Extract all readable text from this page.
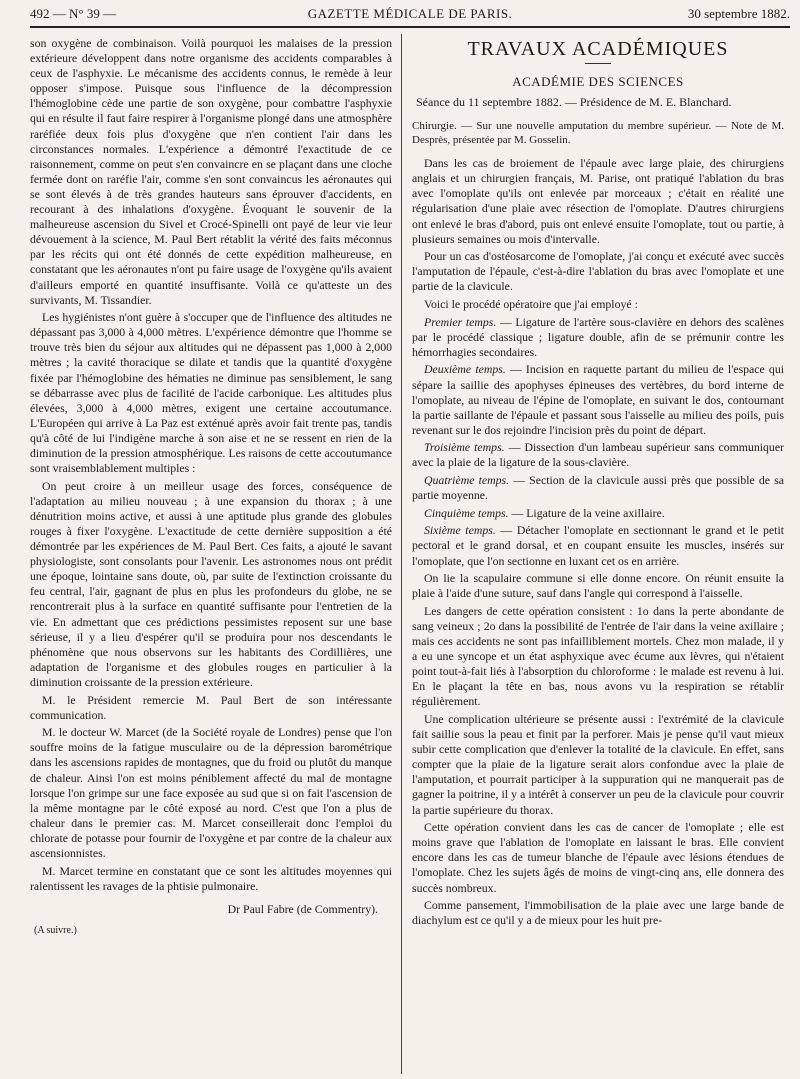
492 — N° 39 —	GAZETTE MÉDICALE DE PARIS.	30 septembre 1882.

son oxygène de combinaison. Voilà pourquoi les malaises de la pression extérieure développent dans notre organisme des accidents comparables à ceux de l'asphyxie. Le mécanisme des accidents connus, le remède à leur opposer s'impose. Puisque sous l'influence de la décompression l'hémoglobine cède une partie de son oxygène, pour combattre l'asphyxie qui en résulte il faut faire respirer à l'organisme plongé dans une atmosphère raréfiée deux fois plus d'oxygène que n'en contient l'air dans les circonstances normales. L'expérience a démontré l'exactitude de ce raisonnement, comme on peut s'en convaincre en se plaçant dans une cloche fermée dont on raréfie l'air, comme s'en sont convaincus les aéronautes qui se sont élevés à de très grandes hauteurs sans éprouver d'accidents, en recourant à des inhalations d'oxygène. Évoquant le souvenir de la malheureuse ascension du Sivel et Crocé-Spinelli ont payé de leur vie leur dévouement à la science, M. Paul Bert rétablit la vérité des faits méconnus par les récits qui ont été donnés de cette expédition malheureuse, en constatant que les aéronautes n'ont pu faire usage de l'oxygène qu'ils avaient d'ailleurs emporté en quantité insuffisante. Voilà ce qu'atteste un des survivants, M. Tissandier.

Les hygiénistes n'ont guère à s'occuper que de l'influence des altitudes ne dépassant pas 3,000 à 4,000 mètres. L'expérience démontre que l'homme se trouve très bien du séjour aux altitudes qui ne dépassent pas 1,000 à 2,000 mètres ; la cavité thoracique se dilate et tandis que la quantité d'oxygène fixée par l'hémoglobine des hématies ne diminue pas sensiblement, le sang se débarrasse avec plus de facilité de l'acide carbonique. Les altitudes plus élevées, 3,000 à 4,000 mètres, exigent une certaine accoutumance. L'Européen qui arrive à La Paz est exténué après avoir fait trente pas, tandis qu'à côté de lui l'indigène marche à son aise et ne se ressent en rien de la diminution de la pression atmosphérique. Les raisons de cette accoutumance sont vraisemblablement multiples :

On peut croire à un meilleur usage des forces, conséquence de l'adaptation au milieu nouveau ; à une expansion du thorax ; à une dénutrition moins active, et aussi à une aptitude plus grande des globules rouges à fixer l'oxygène. L'exactitude de cette dernière supposition a été démontrée par les expériences de M. Paul Bert. Ces faits, a ajouté le savant physiologiste, sont consolants pour l'avenir. Les astronomes nous ont prédit une époque, lointaine sans doute, où, par suite de l'extinction croissante du feu central, l'air, gagnant de plus en plus les profondeurs du globe, ne se rencontrerait plus à la surface en quantité suffisante pour l'entretien de la vie. En admettant que ces prédictions pessimistes reposent sur une base sérieuse, il y a lieu d'espérer qu'il se produira pour nos descendants le phénomène que nous observons sur les habitants des Cordillières, une adaptation de l'organisme et des globules rouges en particulier à la diminution croissante de la pression extérieure.

M. le Président remercie M. Paul Bert de son intéressante communication.

M. le docteur W. Marcet (de la Société royale de Londres) pense que l'on souffre moins de la fatigue musculaire ou de la dépression barométrique dans les ascensions rapides de montagnes, que du froid ou plutôt du manque de chaleur. Ainsi l'on est moins péniblement affecté du mal de montagne lorsque l'on grimpe sur une face exposée au sud que si on fait l'ascension de la même montagne par le côté exposé au nord. C'est que l'on a plus de chaleur dans le premier cas. M. Marcet conseillerait donc l'emploi du chlorate de potasse pour fournir de l'oxygène et par contre de la chaleur aux ascensionnistes.

M. Marcet termine en constatant que ce sont les altitudes moyennes qui ralentissent les ravages de la phtisie pulmonaire.

Dr Paul Fabre (de Commentry).

(A suivre.)

TRAVAUX ACADÉMIQUES
ACADÉMIE DES SCIENCES

Séance du 11 septembre 1882. — Présidence de M. E. Blanchard.

Chirurgie. — Sur une nouvelle amputation du membre supérieur. — Note de M. Desprès, présentée par M. Gosselin.

Dans les cas de broiement de l'épaule avec large plaie, des chirurgiens anglais et un chirurgien français, M. Parise, ont pratiqué l'ablation du bras avec l'omoplate qu'ils ont enlevée par morceaux ; c'était en réalité une régularisation d'une plaie avec résection de l'omoplate. D'autres chirurgiens ont enlevé le bras d'abord, puis ont enlevé ensuite l'omoplate, tout ou partie, à plusieurs semaines ou mois d'intervalle.

Pour un cas d'ostéosarcome de l'omoplate, j'ai conçu et exécuté avec succès l'amputation de l'épaule, c'est-à-dire l'ablation du bras avec l'omoplate et une partie de la clavicule.

Voici le procédé opératoire que j'ai employé :

Premier temps. — Ligature de l'artère sous-clavière en dehors des scalènes par le procédé classique ; ligature double, afin de se prémunir contre les hémorrhagies secondaires.

Deuxième temps. — Incision en raquette partant du milieu de l'espace qui sépare la saillie des apophyses épineuses des vertèbres, du bord interne de l'omoplate, au niveau de l'épine de l'omoplate, en suivant le dos, contournant la partie saillante de l'épaule et passant sous l'aisselle au milieu des poils, puis revenant sur le dos rejoindre l'incision près du point de départ.

Troisième temps. — Dissection d'un lambeau supérieur sans communiquer avec la plaie de la ligature de la sous-clavière.

Quatrième temps. — Section de la clavicule aussi près que possible de sa partie moyenne.

Cinquième temps. — Ligature de la veine axillaire.

Sixième temps. — Détacher l'omoplate en sectionnant le grand et le petit pectoral et le grand dorsal, et en coupant ensuite les muscles, insérés sur l'omoplate, que l'on sectionne en luxant cet os en arrière.

On lie la scapulaire commune si elle donne encore. On réunit ensuite la plaie à l'aide d'une suture, sauf dans l'angle qui correspond à l'aisselle.

Les dangers de cette opération consistent : 1o dans la perte abondante de sang veineux ; 2o dans la possibilité de l'entrée de l'air dans la veine axillaire ; mais ces accidents ne sont pas infailliblement mortels. Chez mon malade, il y a eu une syncope et un état asphyxique avec écume aux lèvres, qui n'étaient point tout-à-fait liés à l'absorption du chloroforme : le malade est revenu à lui. En le plaçant la tête en bas, nous avons vu la respiration se rétablir régulièrement.

Une complication ultérieure se présente aussi : l'extrémité de la clavicule fait saillie sous la peau et finit par la perforer. Mais je pense qu'il vaut mieux subir cette complication que d'enlever la totalité de la clavicule. En effet, sans compter que la plaie de la ligature serait alors confondue avec la plaie de l'amputation, et pourrait participer à la suppuration qui ne manquerait pas de gagner la poitrine, il y a intérêt à conserver un peu de la clavicule pour couvrir la partie supérieure du thorax.

Cette opération convient dans les cas de cancer de l'omoplate ; elle est moins grave que l'ablation de l'omoplate en laissant le bras. Elle convient encore dans les cas de tumeur blanche de l'épaule avec lésions étendues de l'omoplate. Chez les sujets âgés de moins de vingt-cinq ans, elle donnera des succès nombreux.

Comme pansement, l'immobilisation de la plaie avec une large bande de diachylum est ce qu'il y a de mieux pour les huit pre-
